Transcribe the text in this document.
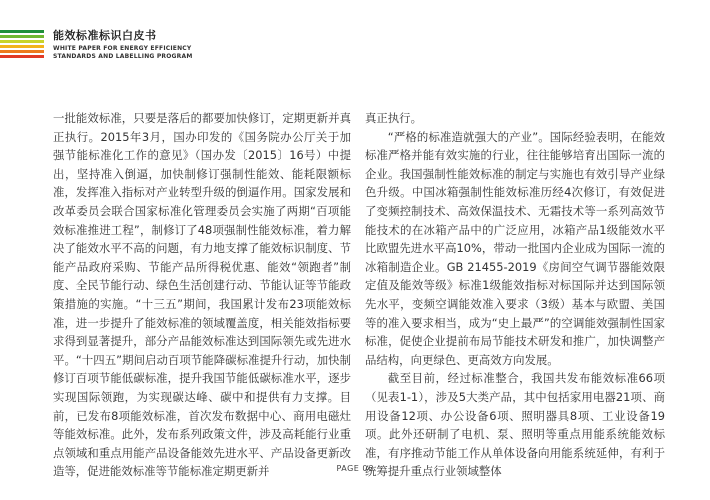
能效标准标识白皮书
WHITE PAPER FOR ENERGY EFFICIENCY
STANDARDS AND LABELLING PROGRAM

一批能效标准，只要是落后的都要加快修订，定期更新并真正执行。2015年3月，国办印发的《国务院办公厅关于加强节能标准化工作的意见》（国办发〔2015〕16号）中提出，坚持准入倒逼，加快制修订强制性能效、能耗限额标准，发挥准入指标对产业转型升级的倒逼作用。国家发展和改革委员会联合国家标准化管理委员会实施了两期“百项能效标准推进工程”，制修订了48项强制性能效标准，着力解决了能效水平不高的问题，有力地支撑了能效标识制度、节能产品政府采购、节能产品所得税优惠、能效“领跑者”制度、全民节能行动、绿色生活创建行动、节能认证等节能政策措施的实施。“十三五”期间，我国累计发布23项能效标准，进一步提升了能效标准的领域覆盖度，相关能效指标要求得到显著提升，部分产品能效标准达到国际领先或先进水平。“十四五”期间启动百项节能降碳标准提升行动，加快制修订百项节能低碳标准，提升我国节能低碳标准水平，逐步实现国际领跑，为实现碳达峰、碳中和提供有力支撑。目前，已发布8项能效标准，首次发布数据中心、商用电磁灶等能效标准。此外，发布系列政策文件，涉及高耗能行业重点领域和重点用能产品设备能效先进水平、产品设备更新改造等，促进能效标准等节能标准定期更新并

真正执行。

“严格的标准造就强大的产业”。国际经验表明，在能效标准严格并能有效实施的行业，往往能够培育出国际一流的企业。我国强制性能效标准的制定与实施也有效引导产业绿色升级。中国冰箱强制性能效标准历经4次修订，有效促进了变频控制技术、高效保温技术、无霜技术等一系列高效节能技术的在冰箱产品中的广泛应用，冰箱产品1级能效水平比欧盟先进水平高10%，带动一批国内企业成为国际一流的冰箱制造企业。GB 21455-2019《房间空气调节器能效限定值及能效等级》标准1级能效指标对标国际并达到国际领先水平，变频空调能效准入要求（3级）基本与欧盟、美国等的准入要求相当，成为“史上最严”的空调能效强制性国家标准，促使企业提前布局节能技术研发和推广，加快调整产品结构，向更绿色、更高效方向发展。

截至目前，经过标准整合，我国共发布能效标准66项（见表1-1），涉及5大类产品，其中包括家用电器21项、商用设备12项、办公设备6项、照明器具8项、工业设备19项。此外还研制了电机、泵、照明等重点用能系统能效标准，有序推动节能工作从单体设备向用能系统延伸，有利于统筹提升重点行业领域整体

PAGE 06
